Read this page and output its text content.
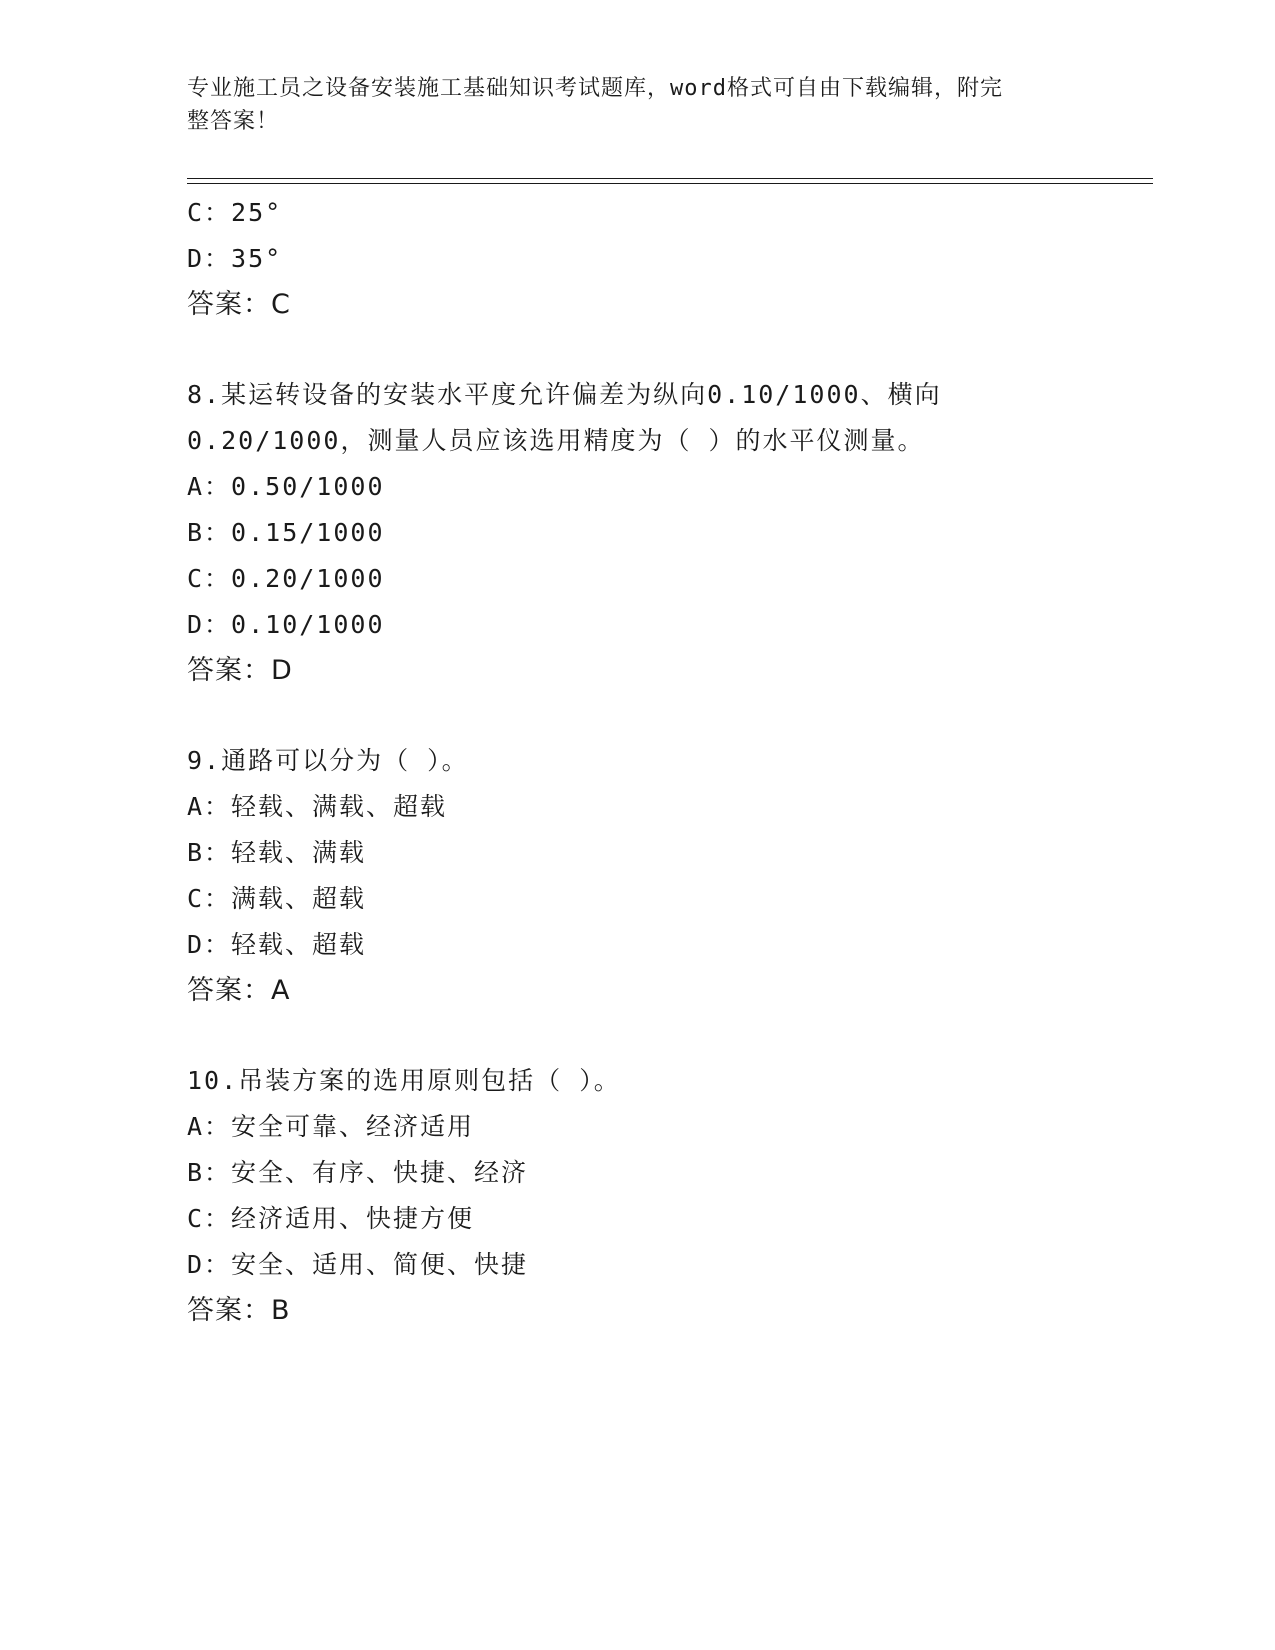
专业施工员之设备安装施工基础知识考试题库，word格式可自由下载编辑，附完
整答案！
C：25°
D：35°
答案：C
8.某运转设备的安装水平度允许偏差为纵向0.10/1000、横向
0.20/1000，测量人员应该选用精度为（ ）的水平仪测量。
A：0.50/1000
B：0.15/1000
C：0.20/1000
D：0.10/1000
答案：D
9.通路可以分为（ ）。
A：轻载、满载、超载
B：轻载、满载
C：满载、超载
D：轻载、超载
答案：A
10.吊装方案的选用原则包括（ ）。
A：安全可靠、经济适用
B：安全、有序、快捷、经济
C：经济适用、快捷方便
D：安全、适用、简便、快捷
答案：B
